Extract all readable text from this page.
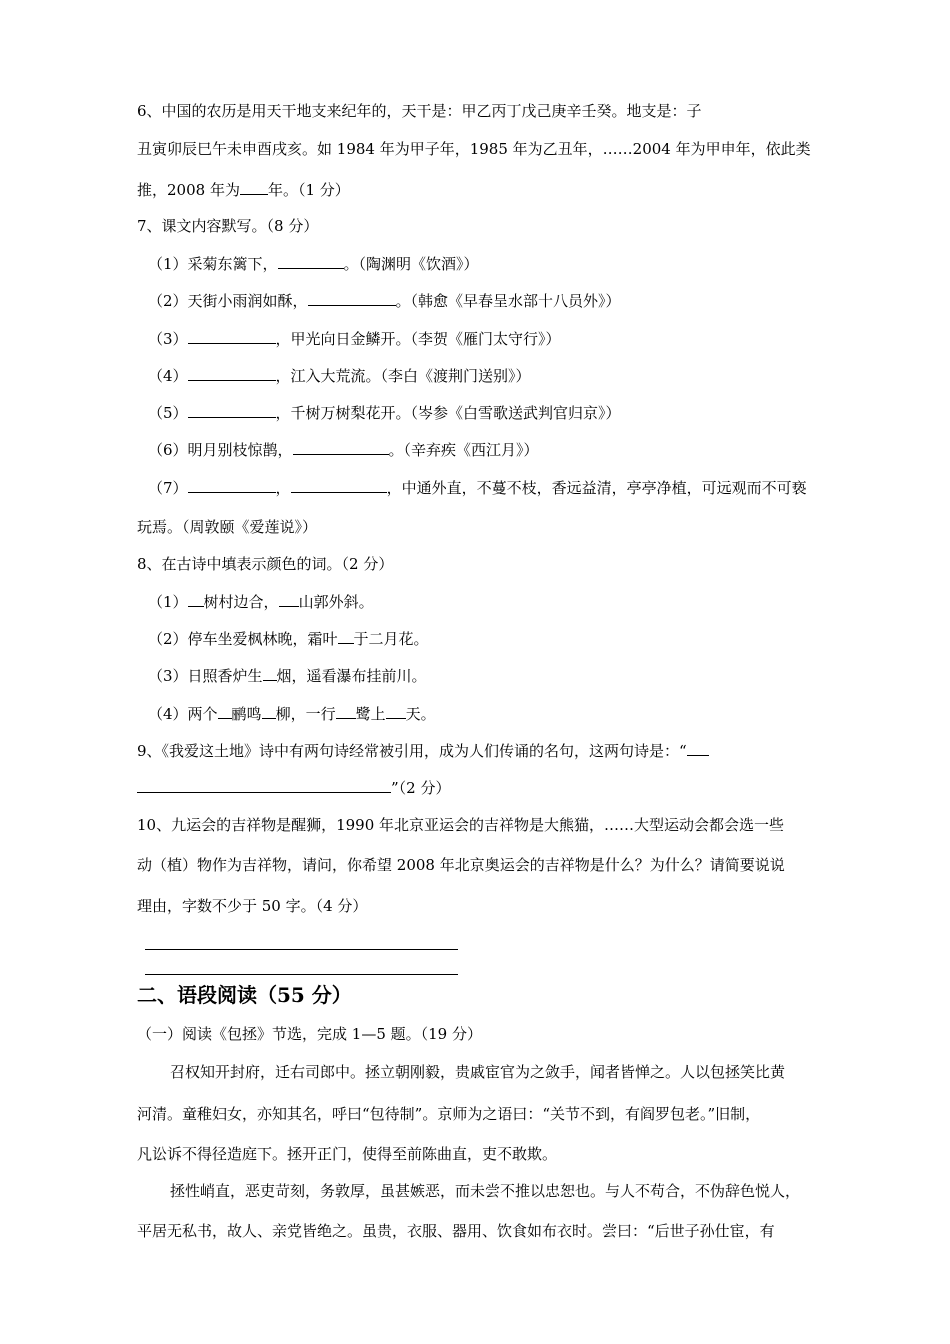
6、中国的农历是用天干地支来纪年的，天干是：甲乙丙丁戊己庚辛壬癸。地支是：子
丑寅卯辰巳午未申酉戌亥。如 1984 年为甲子年，1985 年为乙丑年，……2004 年为甲申年，依此类
推，2008 年为 年。（1 分）
7、课文内容默写。（8 分）
（1）采菊东篱下，	。（陶渊明《饮酒》）
（2）天街小雨润如酥，	。（韩愈《早春呈水部十八员外》）
（3）	，甲光向日金鳞开。（李贺《雁门太守行》）
（4）	，江入大荒流。（李白《渡荆门送别》）
（5）	，千树万树梨花开。（岑参《白雪歌送武判官归京》）
（6）明月别枝惊鹊，	。（辛弃疾《西江月》）
（7）	，	，中通外直，不蔓不枝，香远益清，亭亭净植，可远观而不可亵
玩焉。（周敦颐《爱莲说》）
8、在古诗中填表示颜色的词。（2 分）
（1） 树村边合， 山郭外斜。
（2）停车坐爱枫林晚，霜叶 于二月花。
（3）日照香炉生 烟，遥看瀑布挂前川。
（4）两个 鹂鸣 柳，一行 鹭上 天。
9、《我爱这土地》诗中有两句诗经常被引用，成为人们传诵的名句，这两句诗是：“
”（2 分）
10、九运会的吉祥物是醒狮，1990 年北京亚运会的吉祥物是大熊猫，……大型运动会都会选一些
动（植）物作为吉祥物，请问，你希望 2008 年北京奥运会的吉祥物是什么？为什么？请简要说说
理由，字数不少于 50 字。（4 分）
二、语段阅读（55 分）
（一）阅读《包拯》节选，完成 1—5 题。（19 分）
召权知开封府，迁右司郎中。拯立朝刚毅，贵戚宦官为之敛手，闻者皆惮之。人以包拯笑比黄
河清。童稚妇女，亦知其名，呼曰“包待制”。京师为之语曰：“关节不到，有阎罗包老。”旧制，
凡讼诉不得径造庭下。拯开正门，使得至前陈曲直，吏不敢欺。
拯性峭直，恶吏苛刻，务敦厚，虽甚嫉恶，而未尝不推以忠恕也。与人不苟合，不伪辞色悦人，
平居无私书，故人、亲党皆绝之。虽贵，衣服、器用、饮食如布衣时。尝曰：“后世子孙仕宦，有
